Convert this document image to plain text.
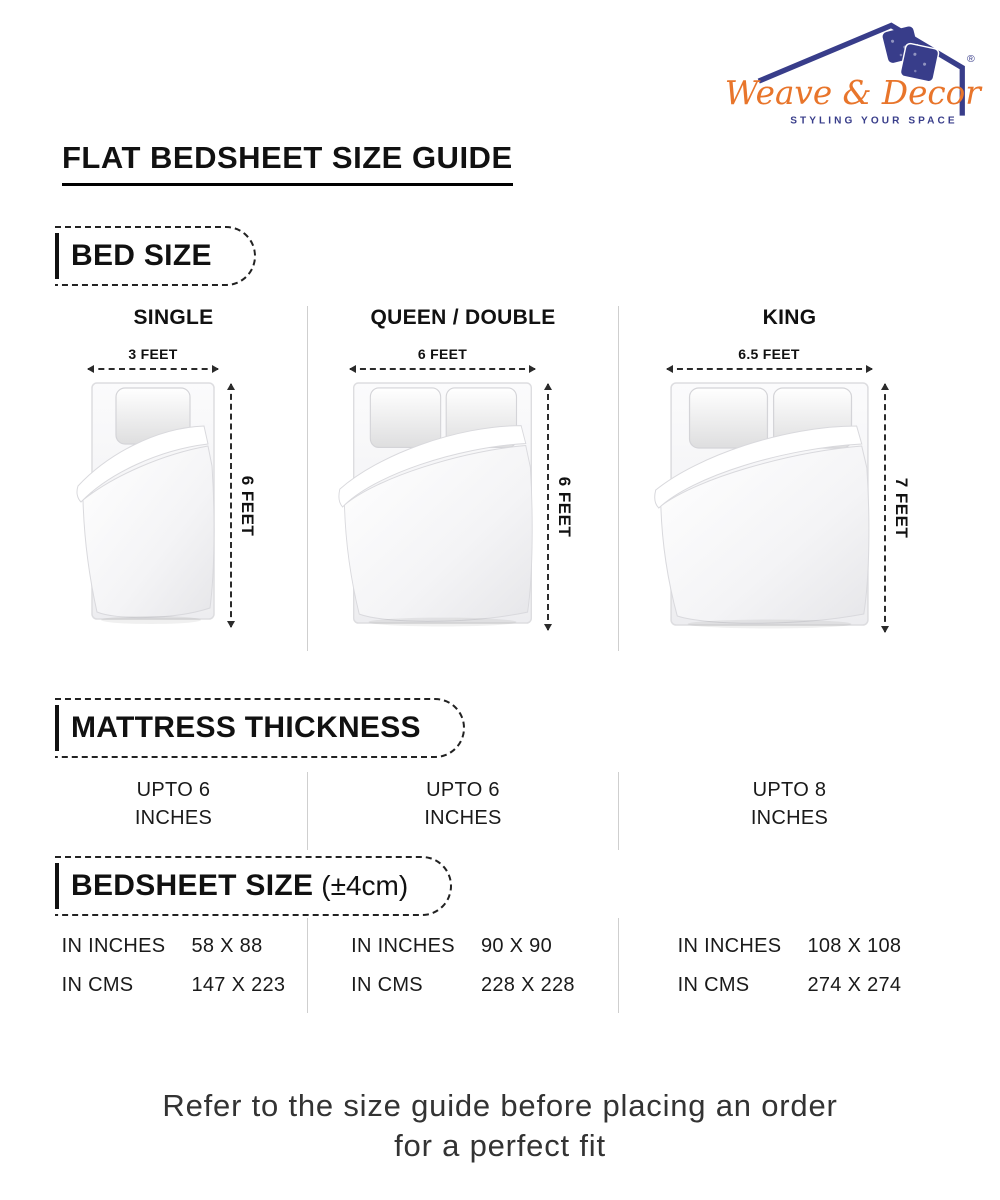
®
Weave & Decor
STYLING YOUR SPACE
FLAT BEDSHEET SIZE GUIDE
BED SIZE
SINGLE
3 FEET
6 FEET
QUEEN / DOUBLE
6 FEET
6 FEET
KING
6.5 FEET
7 FEET
MATTRESS THICKNESS
UPTO 6
INCHES
UPTO 6
INCHES
UPTO 8
INCHES
BEDSHEET SIZE (±4cm)
IN INCHES 58 X 88
IN CMS	147 X 223
IN INCHES 90 X 90
IN CMS	228 X 228
IN INCHES 108 X 108
IN CMS	274 X 274
Refer to the size guide before placing an order
for a perfect fit
